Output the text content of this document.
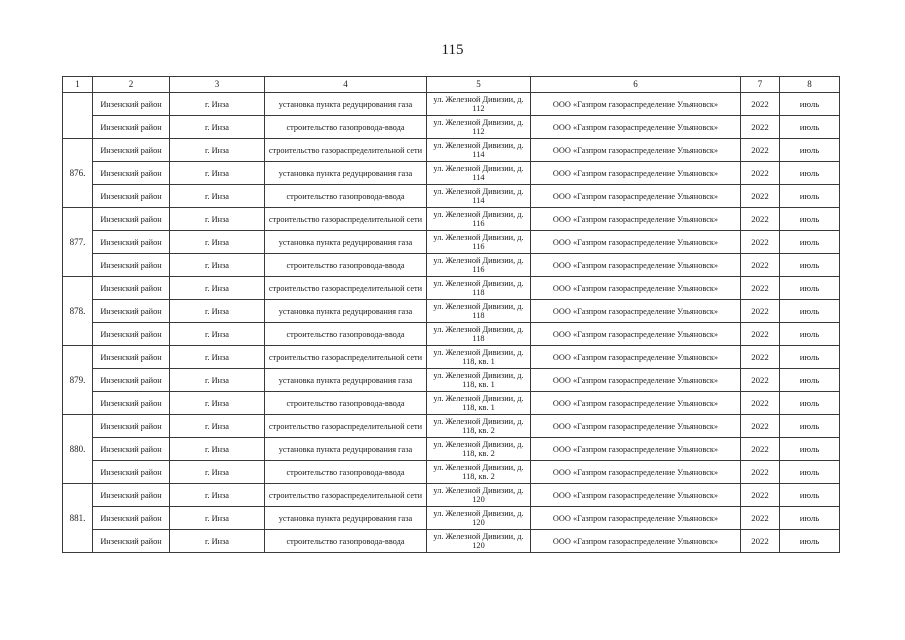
115
1	2	3	4	5	6	7	8
	Инзенский район	г. Инза	установка пункта редуцирования газа	ул. Железной Дивизии, д. 112	ООО «Газпром газораспределение Ульяновск»	2022	июль
	Инзенский район	г. Инза	строительство газопровода-ввода	ул. Железной Дивизии, д. 112	ООО «Газпром газораспределение Ульяновск»	2022	июль
876.	Инзенский район	г. Инза	строительство газораспределительной сети	ул. Железной Дивизии, д. 114	ООО «Газпром газораспределение Ульяновск»	2022	июль
	Инзенский район	г. Инза	установка пункта редуцирования газа	ул. Железной Дивизии, д. 114	ООО «Газпром газораспределение Ульяновск»	2022	июль
	Инзенский район	г. Инза	строительство газопровода-ввода	ул. Железной Дивизии, д. 114	ООО «Газпром газораспределение Ульяновск»	2022	июль
877.	Инзенский район	г. Инза	строительство газораспределительной сети	ул. Железной Дивизии, д. 116	ООО «Газпром газораспределение Ульяновск»	2022	июль
	Инзенский район	г. Инза	установка пункта редуцирования газа	ул. Железной Дивизии, д. 116	ООО «Газпром газораспределение Ульяновск»	2022	июль
	Инзенский район	г. Инза	строительство газопровода-ввода	ул. Железной Дивизии, д. 116	ООО «Газпром газораспределение Ульяновск»	2022	июль
878.	Инзенский район	г. Инза	строительство газораспределительной сети	ул. Железной Дивизии, д. 118	ООО «Газпром газораспределение Ульяновск»	2022	июль
	Инзенский район	г. Инза	установка пункта редуцирования газа	ул. Железной Дивизии, д. 118	ООО «Газпром газораспределение Ульяновск»	2022	июль
	Инзенский район	г. Инза	строительство газопровода-ввода	ул. Железной Дивизии, д. 118	ООО «Газпром газораспределение Ульяновск»	2022	июль
879.	Инзенский район	г. Инза	строительство газораспределительной сети	ул. Железной Дивизии, д. 118, кв. 1	ООО «Газпром газораспределение Ульяновск»	2022	июль
	Инзенский район	г. Инза	установка пункта редуцирования газа	ул. Железной Дивизии, д. 118, кв. 1	ООО «Газпром газораспределение Ульяновск»	2022	июль
	Инзенский район	г. Инза	строительство газопровода-ввода	ул. Железной Дивизии, д. 118, кв. 1	ООО «Газпром газораспределение Ульяновск»	2022	июль
880.	Инзенский район	г. Инза	строительство газораспределительной сети	ул. Железной Дивизии, д. 118, кв. 2	ООО «Газпром газораспределение Ульяновск»	2022	июль
	Инзенский район	г. Инза	установка пункта редуцирования газа	ул. Железной Дивизии, д. 118, кв. 2	ООО «Газпром газораспределение Ульяновск»	2022	июль
	Инзенский район	г. Инза	строительство газопровода-ввода	ул. Железной Дивизии, д. 118, кв. 2	ООО «Газпром газораспределение Ульяновск»	2022	июль
881.	Инзенский район	г. Инза	строительство газораспределительной сети	ул. Железной Дивизии, д. 120	ООО «Газпром газораспределение Ульяновск»	2022	июль
	Инзенский район	г. Инза	установка пункта редуцирования газа	ул. Железной Дивизии, д. 120	ООО «Газпром газораспределение Ульяновск»	2022	июль
	Инзенский район	г. Инза	строительство газопровода-ввода	ул. Железной Дивизии, д. 120	ООО «Газпром газораспределение Ульяновск»	2022	июль
